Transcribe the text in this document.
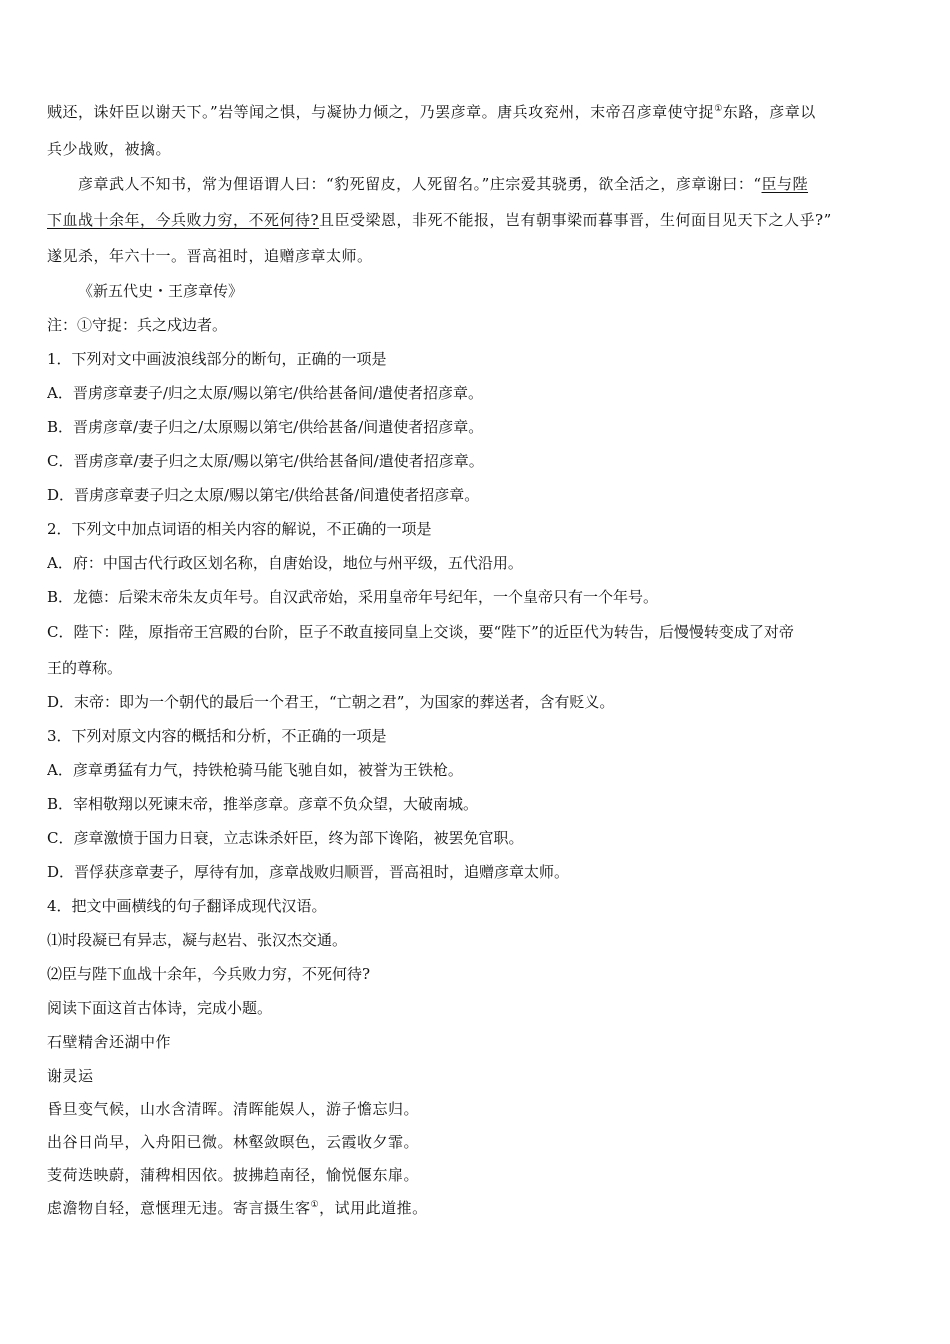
贼还，诛奸臣以谢天下。”岩等闻之惧，与凝协力倾之，乃罢彦章。唐兵攻兖州，末帝召彦章使守捉①东路，彦章以
兵少战败，被擒。
彦章武人不知书，常为俚语谓人曰：“豹死留皮，人死留名。”庄宗爱其骁勇，欲全活之，彦章谢曰：“臣与陛
下血战十余年，今兵败力穷，不死何待?且臣受梁恩，非死不能报，岂有朝事梁而暮事晋，生何面目见天下之人乎?”
遂见杀，年六十一。晋高祖时，追赠彦章太师。
《新五代史・王彦章传》
注：①守捉：兵之戍边者。
1．下列对文中画波浪线部分的断句，正确的一项是
A．晋虏彦章妻子/归之太原/赐以第宅/供给甚备间/遣使者招彦章。
B．晋虏彦章/妻子归之/太原赐以第宅/供给甚备/间遣使者招彦章。
C．晋虏彦章/妻子归之太原/赐以第宅/供给甚备间/遣使者招彦章。
D．晋虏彦章妻子归之太原/赐以第宅/供给甚备/间遣使者招彦章。
2．下列文中加点词语的相关内容的解说，不正确的一项是
A．府：中国古代行政区划名称，自唐始设，地位与州平级，五代沿用。
B．龙德：后梁末帝朱友贞年号。自汉武帝始，采用皇帝年号纪年，一个皇帝只有一个年号。
C．陛下：陛，原指帝王宫殿的台阶，臣子不敢直接同皇上交谈，要“陛下”的近臣代为转告，后慢慢转变成了对帝
王的尊称。
D．末帝：即为一个朝代的最后一个君王，“亡朝之君”，为国家的葬送者，含有贬义。
3．下列对原文内容的概括和分析，不正确的一项是
A．彦章勇猛有力气，持铁枪骑马能飞驰自如，被誉为王铁枪。
B．宰相敬翔以死谏末帝，推举彦章。彦章不负众望，大破南城。
C．彦章激愤于国力日衰，立志诛杀奸臣，终为部下谗陷，被罢免官职。
D．晋俘获彦章妻子，厚待有加，彦章战败归顺晋，晋高祖时，追赠彦章太师。
4．把文中画横线的句子翻译成现代汉语。
⑴时段凝已有异志，凝与赵岩、张汉杰交通。
⑵臣与陛下血战十余年，今兵败力穷，不死何待?
阅读下面这首古体诗，完成小题。
石壁精舍还湖中作
谢灵运
昏旦变气候，山水含清晖。清晖能娱人，游子憺忘归。
出谷日尚早，入舟阳已微。林壑敛暝色，云霞收夕霏。
芰荷迭映蔚，蒲稗相因依。披拂趋南径，愉悦偃东扉。
虑澹物自轻，意惬理无违。寄言摄生客①，试用此道推。
